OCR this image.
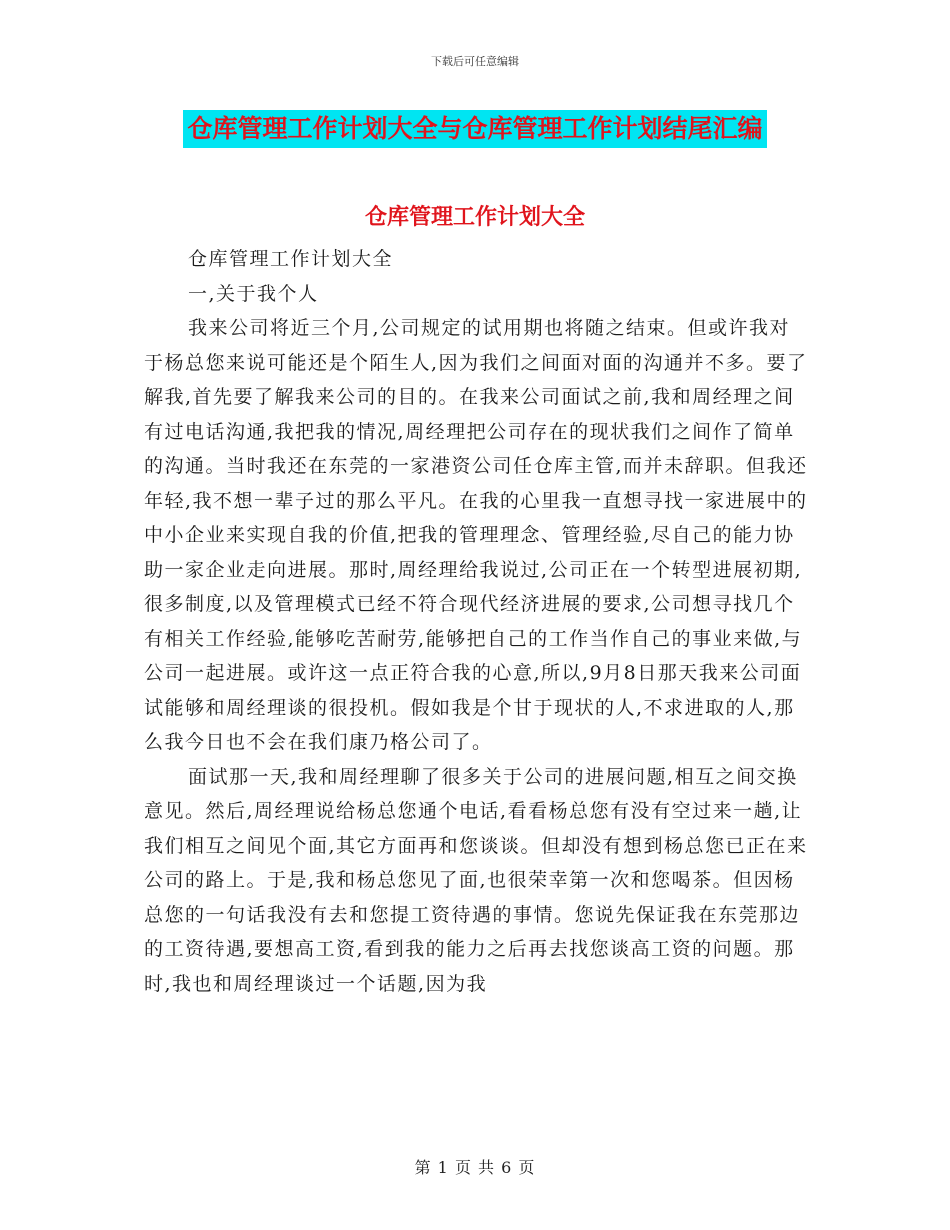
下载后可任意编辑
仓库管理工作计划大全与仓库管理工作计划结尾汇编
仓库管理工作计划大全

仓库管理工作计划大全

一,关于我个人

我来公司将近三个月,公司规定的试用期也将随之结束。但或许我对于杨总您来说可能还是个陌生人,因为我们之间面对面的沟通并不多。要了解我,首先要了解我来公司的目的。在我来公司面试之前,我和周经理之间有过电话沟通,我把我的情况,周经理把公司存在的现状我们之间作了简单的沟通。当时我还在东莞的一家港资公司任仓库主管,而并未辞职。但我还年轻,我不想一辈子过的那么平凡。在我的心里我一直想寻找一家进展中的中小企业来实现自我的价值,把我的管理理念、管理经验,尽自己的能力协助一家企业走向进展。那时,周经理给我说过,公司正在一个转型进展初期,很多制度,以及管理模式已经不符合现代经济进展的要求,公司想寻找几个有相关工作经验,能够吃苦耐劳,能够把自己的工作当作自己的事业来做,与公司一起进展。或许这一点正符合我的心意,所以,9月8日那天我来公司面试能够和周经理谈的很投机。假如我是个甘于现状的人,不求进取的人,那么我今日也不会在我们康乃格公司了。

面试那一天,我和周经理聊了很多关于公司的进展问题,相互之间交换意见。然后,周经理说给杨总您通个电话,看看杨总您有没有空过来一趟,让我们相互之间见个面,其它方面再和您谈谈。但却没有想到杨总您已正在来公司的路上。于是,我和杨总您见了面,也很荣幸第一次和您喝茶。但因杨总您的一句话我没有去和您提工资待遇的事情。您说先保证我在东莞那边的工资待遇,要想高工资,看到我的能力之后再去找您谈高工资的问题。那时,我也和周经理谈过一个话题,因为我

第 1 页 共 6 页
